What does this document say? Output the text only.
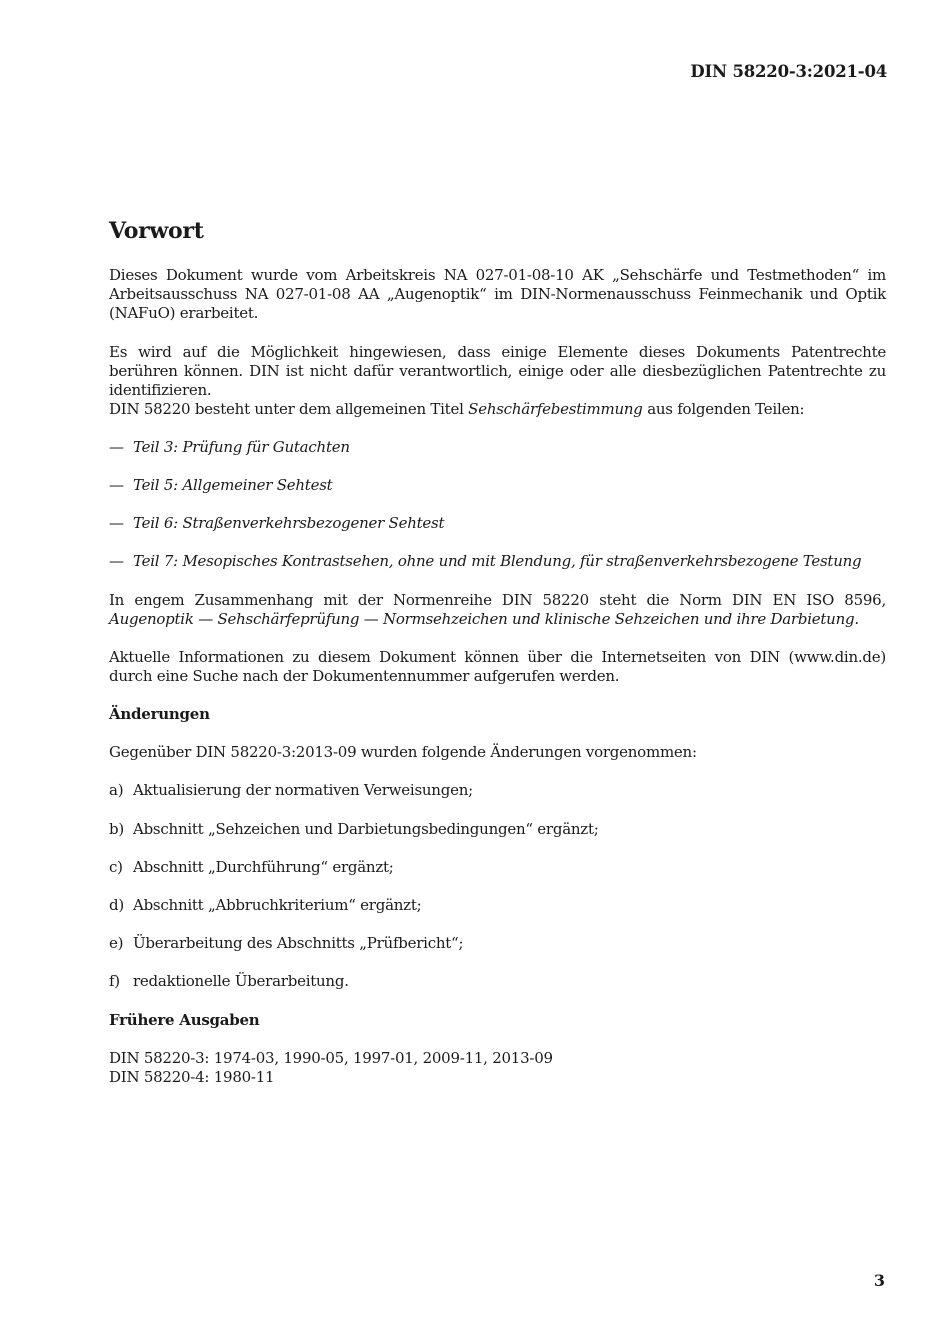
DIN 58220-3:2021-04
Vorwort
Dieses Dokument wurde vom Arbeitskreis NA 027-01-08-10 AK „Sehschärfe und Testmethoden“ im Arbeitsausschuss NA 027-01-08 AA „Augenoptik“ im DIN-Normenausschuss Feinmechanik und Optik (NAFuO) erarbeitet.
Es wird auf die Möglichkeit hingewiesen, dass einige Elemente dieses Dokuments Patentrechte berühren können. DIN ist nicht dafür verantwortlich, einige oder alle diesbezüglichen Patentrechte zu identifizieren.
DIN 58220 besteht unter dem allgemeinen Titel Sehschärfebestimmung aus folgenden Teilen:
— Teil 3: Prüfung für Gutachten
— Teil 5: Allgemeiner Sehtest
— Teil 6: Straßenverkehrsbezogener Sehtest
— Teil 7: Mesopisches Kontrastsehen, ohne und mit Blendung, für straßenverkehrsbezogene Testung
In engem Zusammenhang mit der Normenreihe DIN 58220 steht die Norm DIN EN ISO 8596, Augenoptik — Sehschärfeprüfung — Normsehzeichen und klinische Sehzeichen und ihre Darbietung.
Aktuelle Informationen zu diesem Dokument können über die Internetseiten von DIN (www.din.de) durch eine Suche nach der Dokumentennummer aufgerufen werden.
Änderungen
Gegenüber DIN 58220-3:2013-09 wurden folgende Änderungen vorgenommen:
a) Aktualisierung der normativen Verweisungen;
b) Abschnitt „Sehzeichen und Darbietungsbedingungen“ ergänzt;
c) Abschnitt „Durchführung“ ergänzt;
d) Abschnitt „Abbruchkriterium“ ergänzt;
e) Überarbeitung des Abschnitts „Prüfbericht“;
f) redaktionelle Überarbeitung.
Frühere Ausgaben
DIN 58220-3: 1974-03, 1990-05, 1997-01, 2009-11, 2013-09
DIN 58220-4: 1980-11
3
